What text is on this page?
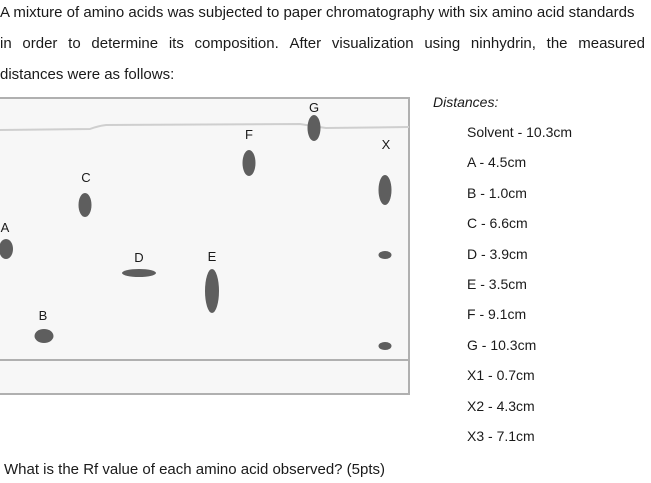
A mixture of amino acids was subjected to paper chromatography with six amino acid standards

in order to determine its composition. After visualization using ninhydrin, the measured

distances were as follows:

A
B
C
D	E
F
G
X

Distances:

Solvent - 10.3cm
A - 4.5cm
B - 1.0cm
C - 6.6cm
D - 3.9cm
E - 3.5cm
F - 9.1cm
G - 10.3cm
X1 - 0.7cm
X2 - 4.3cm
X3 - 7.1cm

What is the Rf value of each amino acid observed? (5pts)
